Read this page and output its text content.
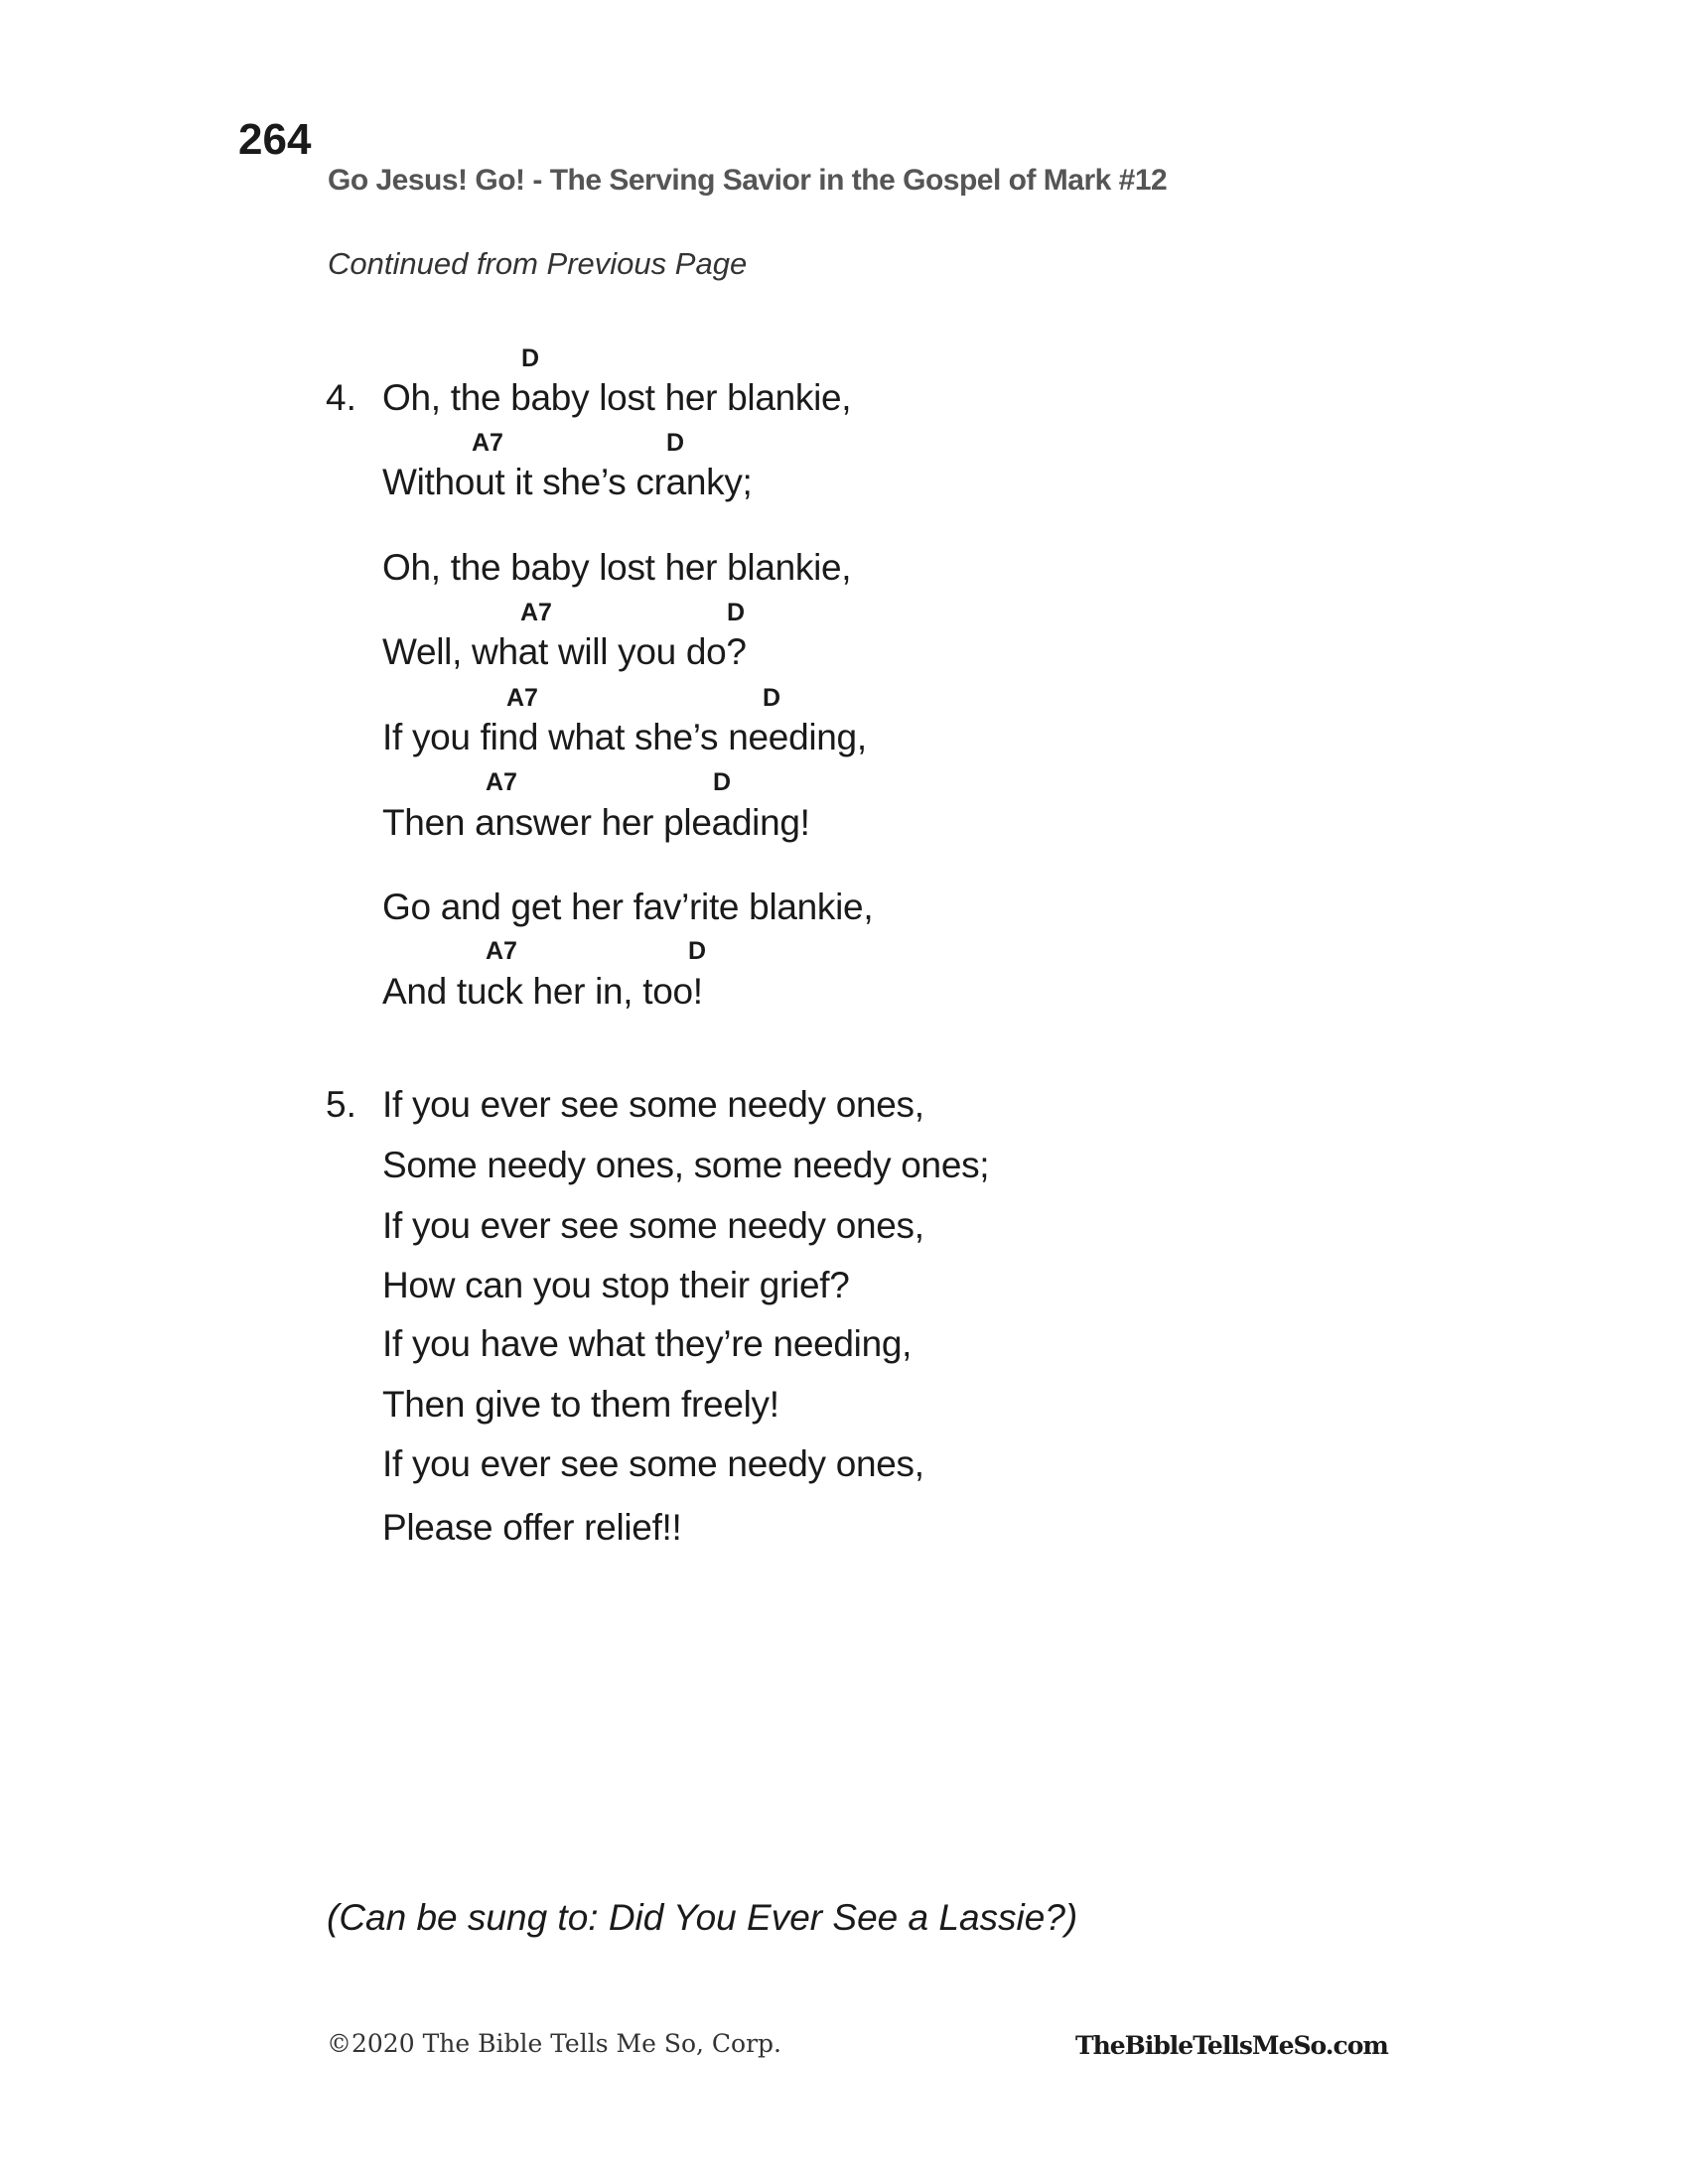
264
Go Jesus! Go! - The Serving Savior in the Gospel of Mark #12
Continued from Previous Page
4.
D
Oh, the baby lost her blankie,
A7	D
Without it she’s cranky;
Oh, the baby lost her blankie,
A7	D
Well, what will you do?
A7	D
If you find what she’s needing,
A7	D
Then answer her pleading!
Go and get her fav’rite blankie,
A7	D
And tuck her in, too!
5. If you ever see some needy ones,
Some needy ones, some needy ones;
If you ever see some needy ones,
How can you stop their grief?
If you have what they’re needing,
Then give to them freely!
If you ever see some needy ones,
Please offer relief!!
(Can be sung to: Did You Ever See a Lassie?)
©2020 The Bible Tells Me So, Corp.	TheBibleTellsMeSo.com
